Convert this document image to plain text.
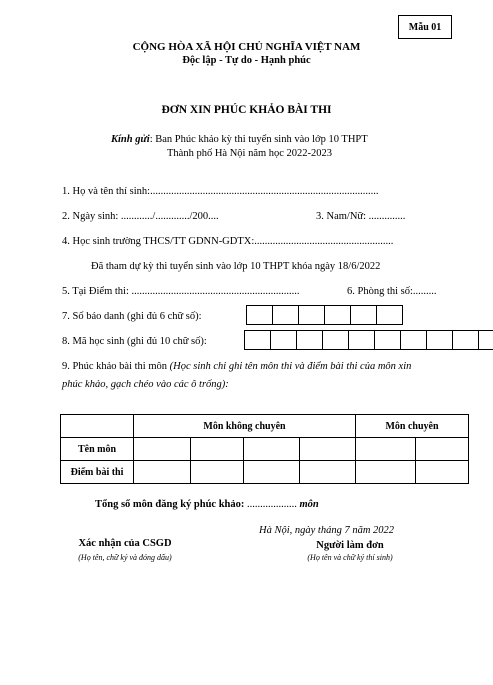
Mẫu 01
CỘNG HÒA XÃ HỘI CHỦ NGHĨA VIỆT NAM
Độc lập - Tự do - Hạnh phúc
ĐƠN XIN PHÚC KHẢO BÀI THI
Kính gửi: Ban Phúc khảo kỳ thi tuyển sinh vào lớp 10 THPT
Thành phố Hà Nội năm học 2022-2023
1. Họ và tên thí sinh:.......................................................................................
2. Ngày sinh: ............/............./200....	3. Nam/Nữ: ..............
4. Học sinh trường THCS/TT GDNN-GDTX:.....................................................
Đã tham dự kỳ thi tuyển sinh vào lớp 10 THPT khóa ngày 18/6/2022
5. Tại Điểm thi: ................................................................	6. Phòng thi số:.........
7. Số báo danh (ghi đủ 6 chữ số):
8. Mã học sinh (ghi đủ 10 chữ số):
9. Phúc khảo bài thi môn (Học sinh chỉ ghi tên môn thi và điểm bài thi của môn xin
phúc khảo, gạch chéo vào các ô trống):
	Môn không chuyên				Môn chuyên	
Tên môn						
Điểm bài thi						
Tổng số môn đăng ký phúc khảo: ................... môn
Hà Nội, ngày tháng 7 năm 2022
Xác nhận của CSGD
(Họ tên, chữ ký và đóng dấu)
Người làm đơn
(Họ tên và chữ ký thí sinh)
